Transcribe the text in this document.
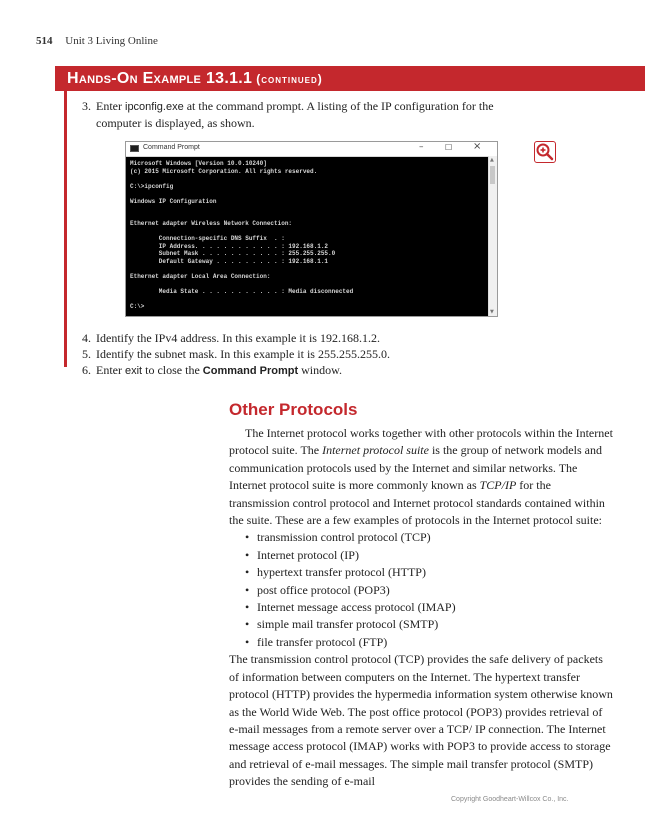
514 Unit 3 Living Online
Hands-On Example 13.1.1 (continued)
3. Enter ipconfig.exe at the command prompt. A listing of the IP configuration for the
computer is displayed, as shown.
Command Prompt	–	☐ ×
Microsoft Windows [Version 10.0.10240]
(c) 2015 Microsoft Corporation. All rights reserved.

C:\>ipconfig

Windows IP Configuration

Ethernet adapter Wireless Network Connection:

Connection-specific DNS Suffix  . :
IP Address. . . . . . . . . . . . : 192.168.1.2
Subnet Mask . . . . . . . . . . . : 255.255.255.0
Default Gateway . . . . . . . . . : 192.168.1.1

Ethernet adapter Local Area Connection:

Media State . . . . . . . . . . . : Media disconnected

C:\>
▲
▼
4. Identify the IPv4 address. In this example it is 192.168.1.2.
5. Identify the subnet mask. In this example it is 255.255.255.0.
6. Enter exit to close the Command Prompt window.
Other Protocols

The Internet protocol works together with other protocols within the Internet protocol suite. The Internet protocol suite is the group of network models and communication protocols used by the Internet and similar networks. The Internet protocol suite is more commonly known as TCP/IP for the transmission control protocol and Internet protocol standards contained within the suite. These are a few examples of protocols in the Internet protocol suite:

• transmission control protocol (TCP)
• Internet protocol (IP)
• hypertext transfer protocol (HTTP)
• post office protocol (POP3)
• Internet message access protocol (IMAP)
• simple mail transfer protocol (SMTP)
• file transfer protocol (FTP)

The transmission control protocol (TCP) provides the safe delivery of packets of information between computers on the Internet. The hypertext transfer protocol (HTTP) provides the hypermedia information system otherwise known as the World Wide Web. The post office protocol (POP3) provides retrieval of e-mail messages from a remote server over a TCP/ IP connection. The Internet message access protocol (IMAP) works with POP3 to provide access to storage and retrieval of e-mail messages. The simple mail transfer protocol (SMTP) provides the sending of e-mail

Copyright Goodheart-Willcox Co., Inc.
